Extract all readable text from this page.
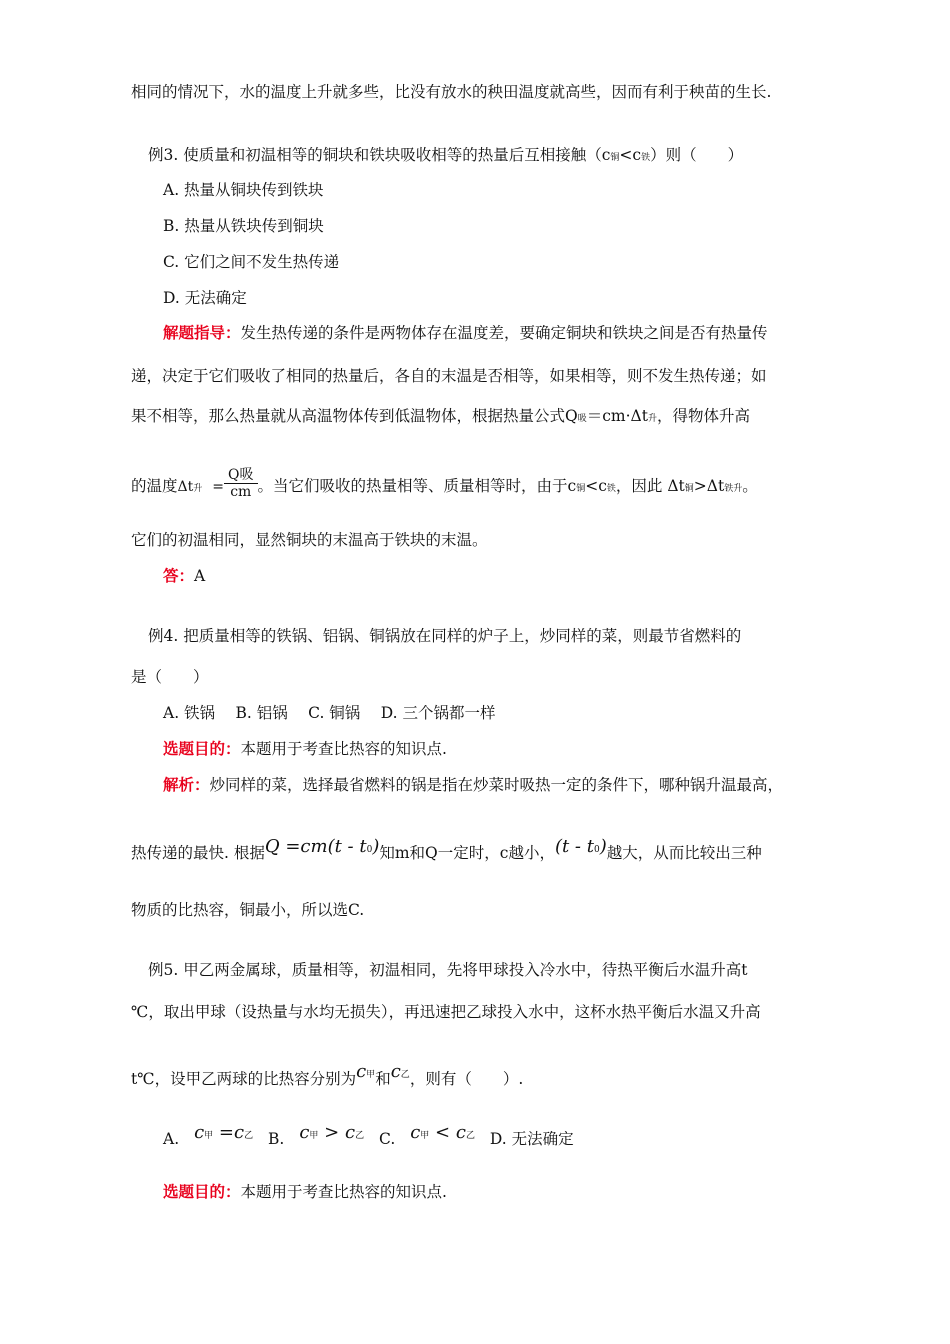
相同的情况下，水的温度上升就多些，比没有放水的秧田温度就高些，因而有利于秧苗的生长.
例3. 使质量和初温相等的铜块和铁块吸收相等的热量后互相接触（c铜<c铁）则（　　）
A. 热量从铜块传到铁块
B. 热量从铁块传到铜块
C. 它们之间不发生热传递
D. 无法确定
解题指导：发生热传递的条件是两物体存在温度差，要确定铜块和铁块之间是否有热量传
递，决定于它们吸收了相同的热量后，各自的末温是否相等，如果相等，则不发生热传递；如
果不相等，那么热量就从高温物体传到低温物体，根据热量公式Q吸＝cm·Δt升，得物体升高
的温度Δt升 = $\frac{\text{Q吸}}{cm}$ 。当它们吸收的热量相等、质量相等时，由于c铜<c铁，因此 Δt铜>Δt铁升。
它们的初温相同，显然铜块的末温高于铁块的末温。
答：A
例4. 把质量相等的铁锅、铝锅、铜锅放在同样的炉子上，炒同样的菜，则最节省燃料的
是（　　）
A. 铁锅　 B. 铝锅　 C. 铜锅　 D. 三个锅都一样
选题目的：本题用于考查比热容的知识点.
解析：炒同样的菜，选择最省燃料的锅是指在炒菜时吸热一定的条件下，哪种锅升温最高，
热传递的最快. 根据Q =cm(t - t0)知m和Q一定时，c越小，(t - t0)越大，从而比较出三种
物质的比热容，铜最小，所以选C.
例5. 甲乙两金属球，质量相等，初温相同，先将甲球投入冷水中，待热平衡后水温升高t
℃，取出甲球（设热量与水均无损失），再迅速把乙球投入水中，这杯水热平衡后水温又升高
t℃，设甲乙两球的比热容分别为c甲和c乙，则有（　　）.
A. c甲 =c乙 B. c甲 > c乙 C. c甲 < c乙 D. 无法确定
选题目的：本题用于考查比热容的知识点.
